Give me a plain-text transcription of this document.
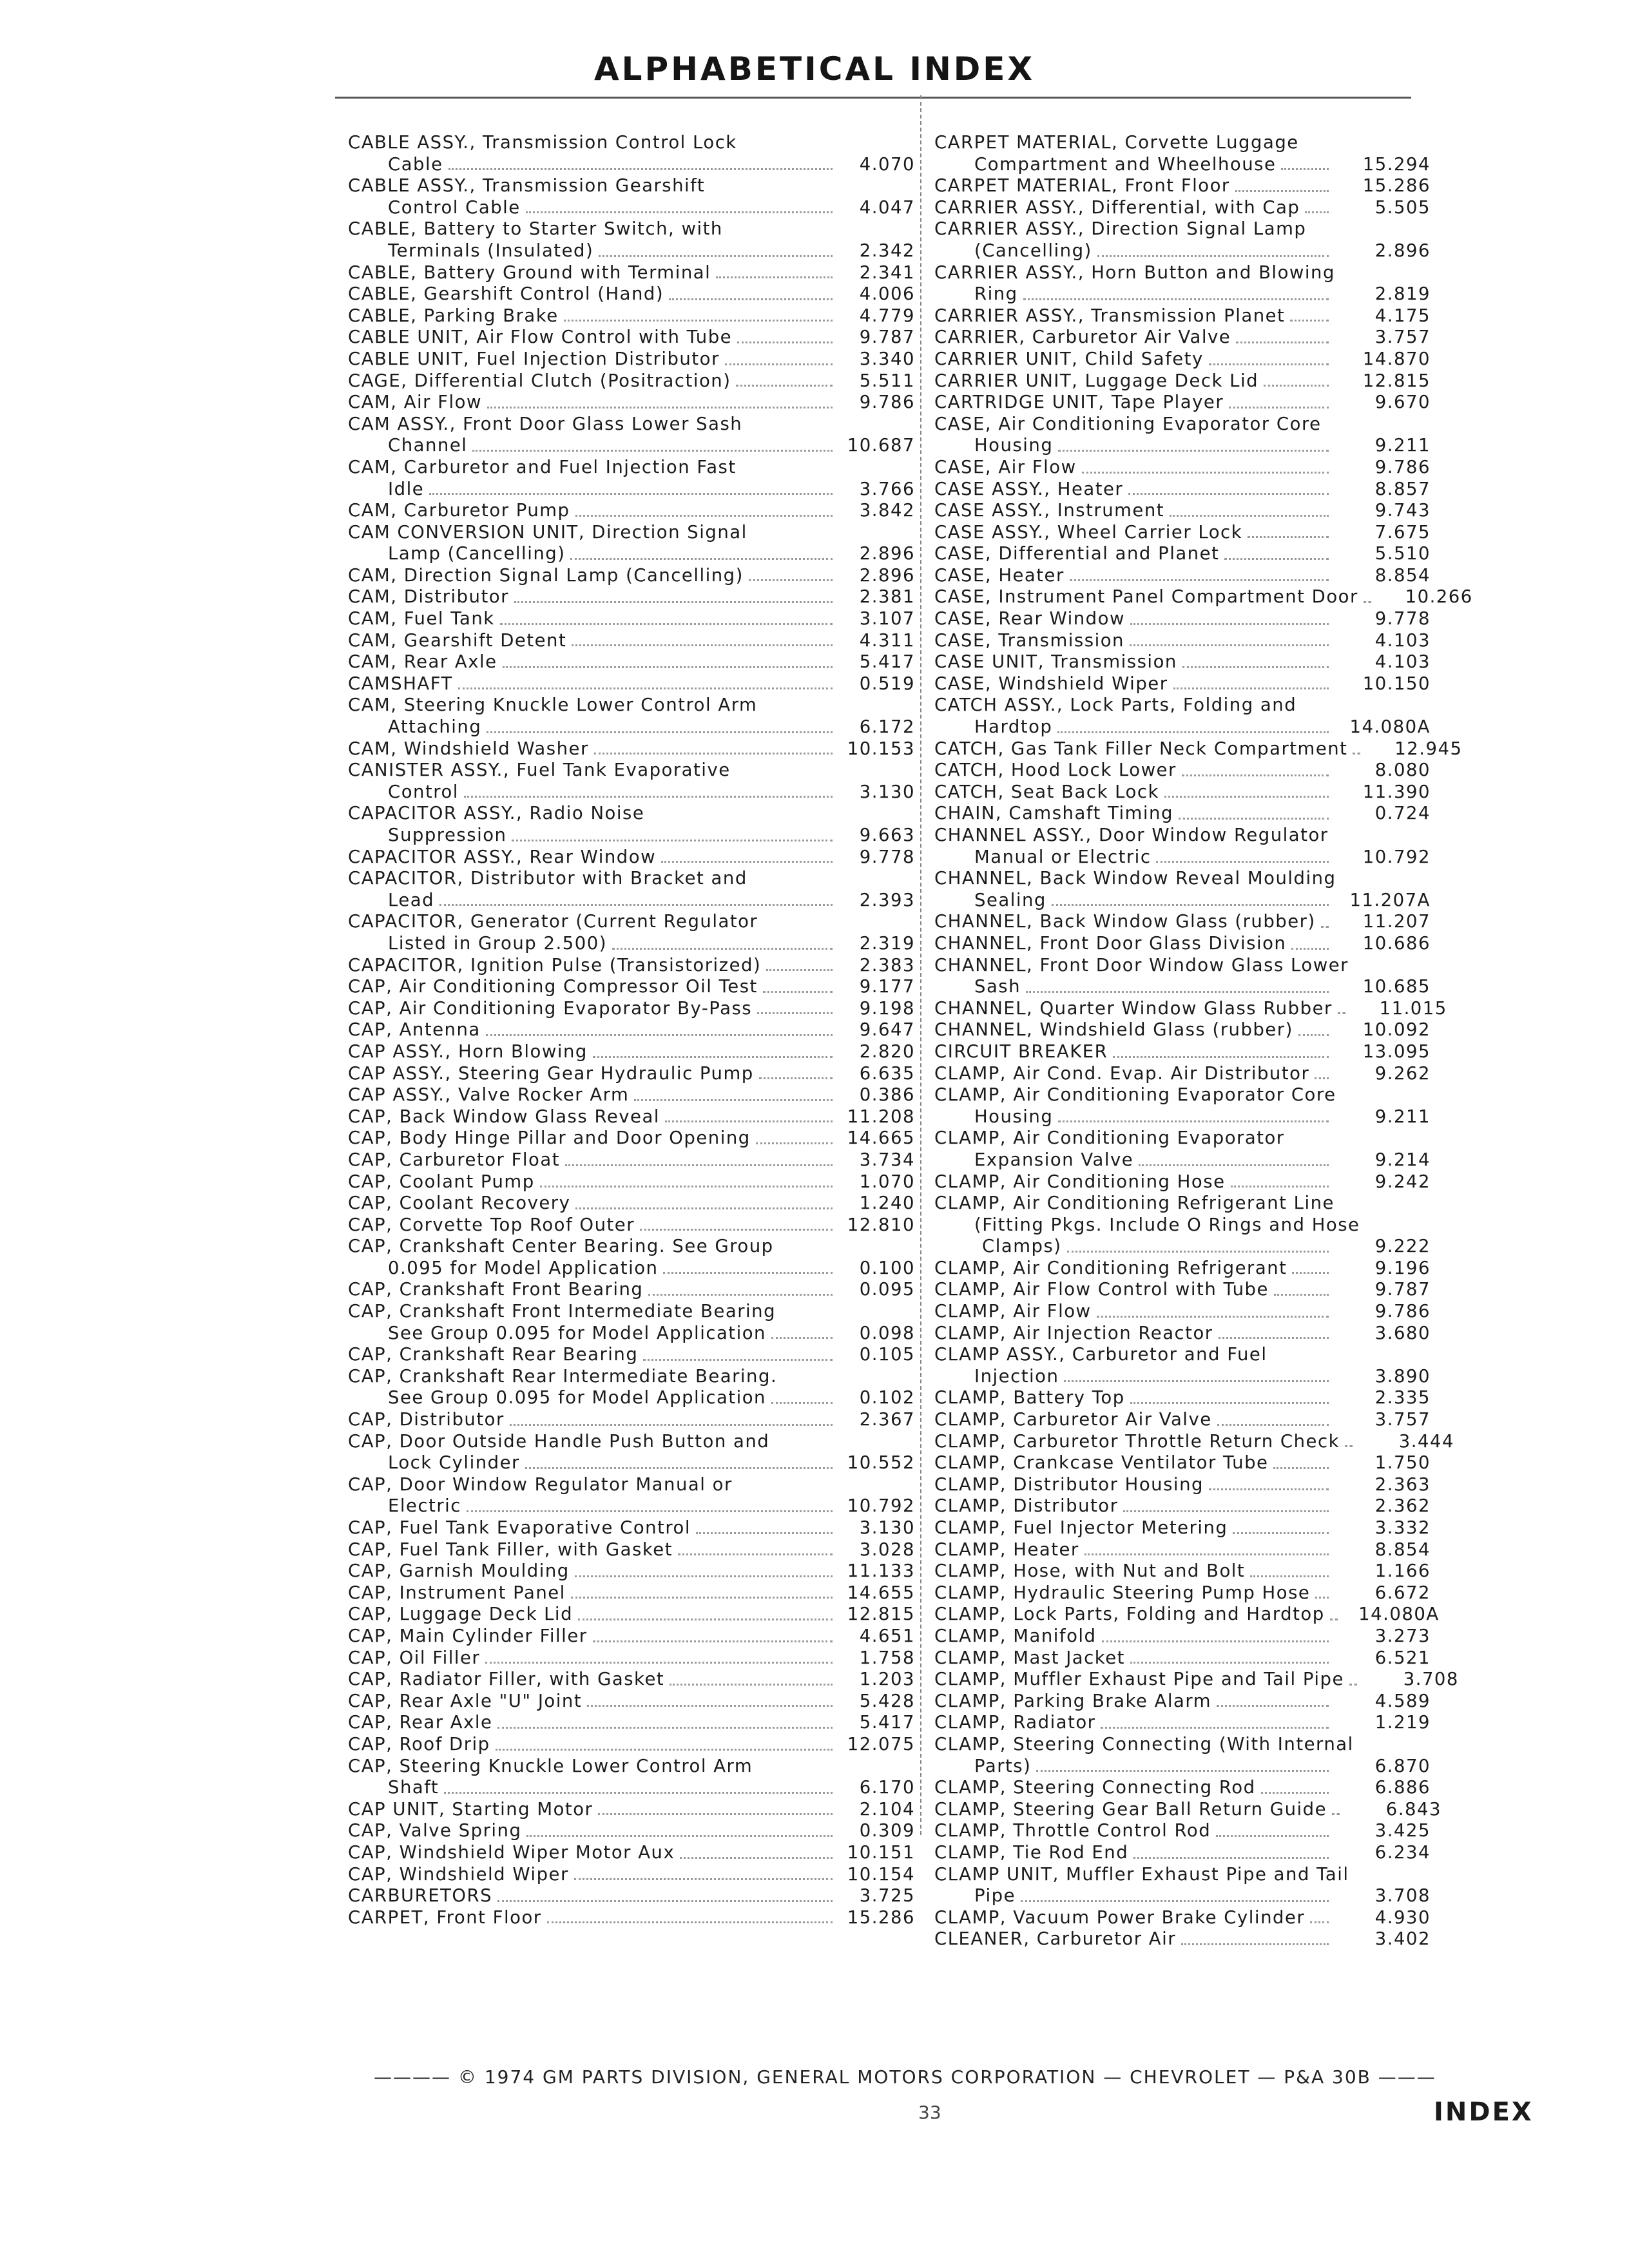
ALPHABETICAL INDEX
CABLE ASSY., Transmission Control Lock
Cable	4.070
CABLE ASSY., Transmission Gearshift
Control Cable	4.047
CABLE, Battery to Starter Switch, with
Terminals (Insulated)	2.342
CABLE, Battery Ground with Terminal	2.341
CABLE, Gearshift Control (Hand)	4.006
CABLE, Parking Brake	4.779
CABLE UNIT, Air Flow Control with Tube	9.787
CABLE UNIT, Fuel Injection Distributor	3.340
CAGE, Differential Clutch (Positraction)	5.511
CAM, Air Flow	9.786
CAM ASSY., Front Door Glass Lower Sash
Channel	10.687
CAM, Carburetor and Fuel Injection Fast
Idle	3.766
CAM, Carburetor Pump	3.842
CAM CONVERSION UNIT, Direction Signal
Lamp (Cancelling)	2.896
CAM, Direction Signal Lamp (Cancelling)	2.896
CAM, Distributor	2.381
CAM, Fuel Tank	3.107
CAM, Gearshift Detent	4.311
CAM, Rear Axle	5.417
CAMSHAFT	0.519
CAM, Steering Knuckle Lower Control Arm
Attaching	6.172
CAM, Windshield Washer	10.153
CANISTER ASSY., Fuel Tank Evaporative
Control	3.130
CAPACITOR ASSY., Radio Noise
Suppression	9.663
CAPACITOR ASSY., Rear Window	9.778
CAPACITOR, Distributor with Bracket and
Lead	2.393
CAPACITOR, Generator (Current Regulator
Listed in Group 2.500)	2.319
CAPACITOR, Ignition Pulse (Transistorized)	2.383
CAP, Air Conditioning Compressor Oil Test	9.177
CAP, Air Conditioning Evaporator By-Pass	9.198
CAP, Antenna	9.647
CAP ASSY., Horn Blowing	2.820
CAP ASSY., Steering Gear Hydraulic Pump	6.635
CAP ASSY., Valve Rocker Arm	0.386
CAP, Back Window Glass Reveal	11.208
CAP, Body Hinge Pillar and Door Opening	14.665
CAP, Carburetor Float	3.734
CAP, Coolant Pump	1.070
CAP, Coolant Recovery	1.240
CAP, Corvette Top Roof Outer	12.810
CAP, Crankshaft Center Bearing. See Group
0.095 for Model Application	0.100
CAP, Crankshaft Front Bearing	0.095
CAP, Crankshaft Front Intermediate Bearing
See Group 0.095 for Model Application	0.098
CAP, Crankshaft Rear Bearing	0.105
CAP, Crankshaft Rear Intermediate Bearing.
See Group 0.095 for Model Application	0.102
CAP, Distributor	2.367
CAP, Door Outside Handle Push Button and
Lock Cylinder	10.552
CAP, Door Window Regulator Manual or
Electric	10.792
CAP, Fuel Tank Evaporative Control	3.130
CAP, Fuel Tank Filler, with Gasket	3.028
CAP, Garnish Moulding	11.133
CAP, Instrument Panel	14.655
CAP, Luggage Deck Lid	12.815
CAP, Main Cylinder Filler	4.651
CAP, Oil Filler	1.758
CAP, Radiator Filler, with Gasket	1.203
CAP, Rear Axle "U" Joint	5.428
CAP, Rear Axle	5.417
CAP, Roof Drip	12.075
CAP, Steering Knuckle Lower Control Arm
Shaft	6.170
CAP UNIT, Starting Motor	2.104
CAP, Valve Spring	0.309
CAP, Windshield Wiper Motor Aux	10.151
CAP, Windshield Wiper	10.154
CARBURETORS	3.725
CARPET, Front Floor	15.286
CARPET MATERIAL, Corvette Luggage
Compartment and Wheelhouse	15.294
CARPET MATERIAL, Front Floor	15.286
CARRIER ASSY., Differential, with Cap	5.505
CARRIER ASSY., Direction Signal Lamp
(Cancelling)	2.896
CARRIER ASSY., Horn Button and Blowing
Ring	2.819
CARRIER ASSY., Transmission Planet	4.175
CARRIER, Carburetor Air Valve	3.757
CARRIER UNIT, Child Safety	14.870
CARRIER UNIT, Luggage Deck Lid	12.815
CARTRIDGE UNIT, Tape Player	9.670
CASE, Air Conditioning Evaporator Core
Housing	9.211
CASE, Air Flow	9.786
CASE ASSY., Heater	8.857
CASE ASSY., Instrument	9.743
CASE ASSY., Wheel Carrier Lock	7.675
CASE, Differential and Planet	5.510
CASE, Heater	8.854
CASE, Instrument Panel Compartment Door	10.266
CASE, Rear Window	9.778
CASE, Transmission	4.103
CASE UNIT, Transmission	4.103
CASE, Windshield Wiper	10.150
CATCH ASSY., Lock Parts, Folding and
Hardtop	14.080A
CATCH, Gas Tank Filler Neck Compartment	12.945
CATCH, Hood Lock Lower	8.080
CATCH, Seat Back Lock	11.390
CHAIN, Camshaft Timing	0.724
CHANNEL ASSY., Door Window Regulator
Manual or Electric	10.792
CHANNEL, Back Window Reveal Moulding
Sealing	11.207A
CHANNEL, Back Window Glass (rubber)	11.207
CHANNEL, Front Door Glass Division	10.686
CHANNEL, Front Door Window Glass Lower
Sash	10.685
CHANNEL, Quarter Window Glass Rubber	11.015
CHANNEL, Windshield Glass (rubber)	10.092
CIRCUIT BREAKER	13.095
CLAMP, Air Cond. Evap. Air Distributor	9.262
CLAMP, Air Conditioning Evaporator Core
Housing	9.211
CLAMP, Air Conditioning Evaporator
Expansion Valve	9.214
CLAMP, Air Conditioning Hose	9.242
CLAMP, Air Conditioning Refrigerant Line
(Fitting Pkgs. Include O Rings and Hose
Clamps)	9.222
CLAMP, Air Conditioning Refrigerant	9.196
CLAMP, Air Flow Control with Tube	9.787
CLAMP, Air Flow	9.786
CLAMP, Air Injection Reactor	3.680
CLAMP ASSY., Carburetor and Fuel
Injection	3.890
CLAMP, Battery Top	2.335
CLAMP, Carburetor Air Valve	3.757
CLAMP, Carburetor Throttle Return Check	3.444
CLAMP, Crankcase Ventilator Tube	1.750
CLAMP, Distributor Housing	2.363
CLAMP, Distributor	2.362
CLAMP, Fuel Injector Metering	3.332
CLAMP, Heater	8.854
CLAMP, Hose, with Nut and Bolt	1.166
CLAMP, Hydraulic Steering Pump Hose	6.672
CLAMP, Lock Parts, Folding and Hardtop	14.080A
CLAMP, Manifold	3.273
CLAMP, Mast Jacket	6.521
CLAMP, Muffler Exhaust Pipe and Tail Pipe	3.708
CLAMP, Parking Brake Alarm	4.589
CLAMP, Radiator	1.219
CLAMP, Steering Connecting (With Internal
Parts)	6.870
CLAMP, Steering Connecting Rod	6.886
CLAMP, Steering Gear Ball Return Guide	6.843
CLAMP, Throttle Control Rod	3.425
CLAMP, Tie Rod End	6.234
CLAMP UNIT, Muffler Exhaust Pipe and Tail
Pipe	3.708
CLAMP, Vacuum Power Brake Cylinder	4.930
CLEANER, Carburetor Air	3.402
———— © 1974 GM PARTS DIVISION, GENERAL MOTORS CORPORATION — CHEVROLET — P&A 30B ———
33	INDEX
